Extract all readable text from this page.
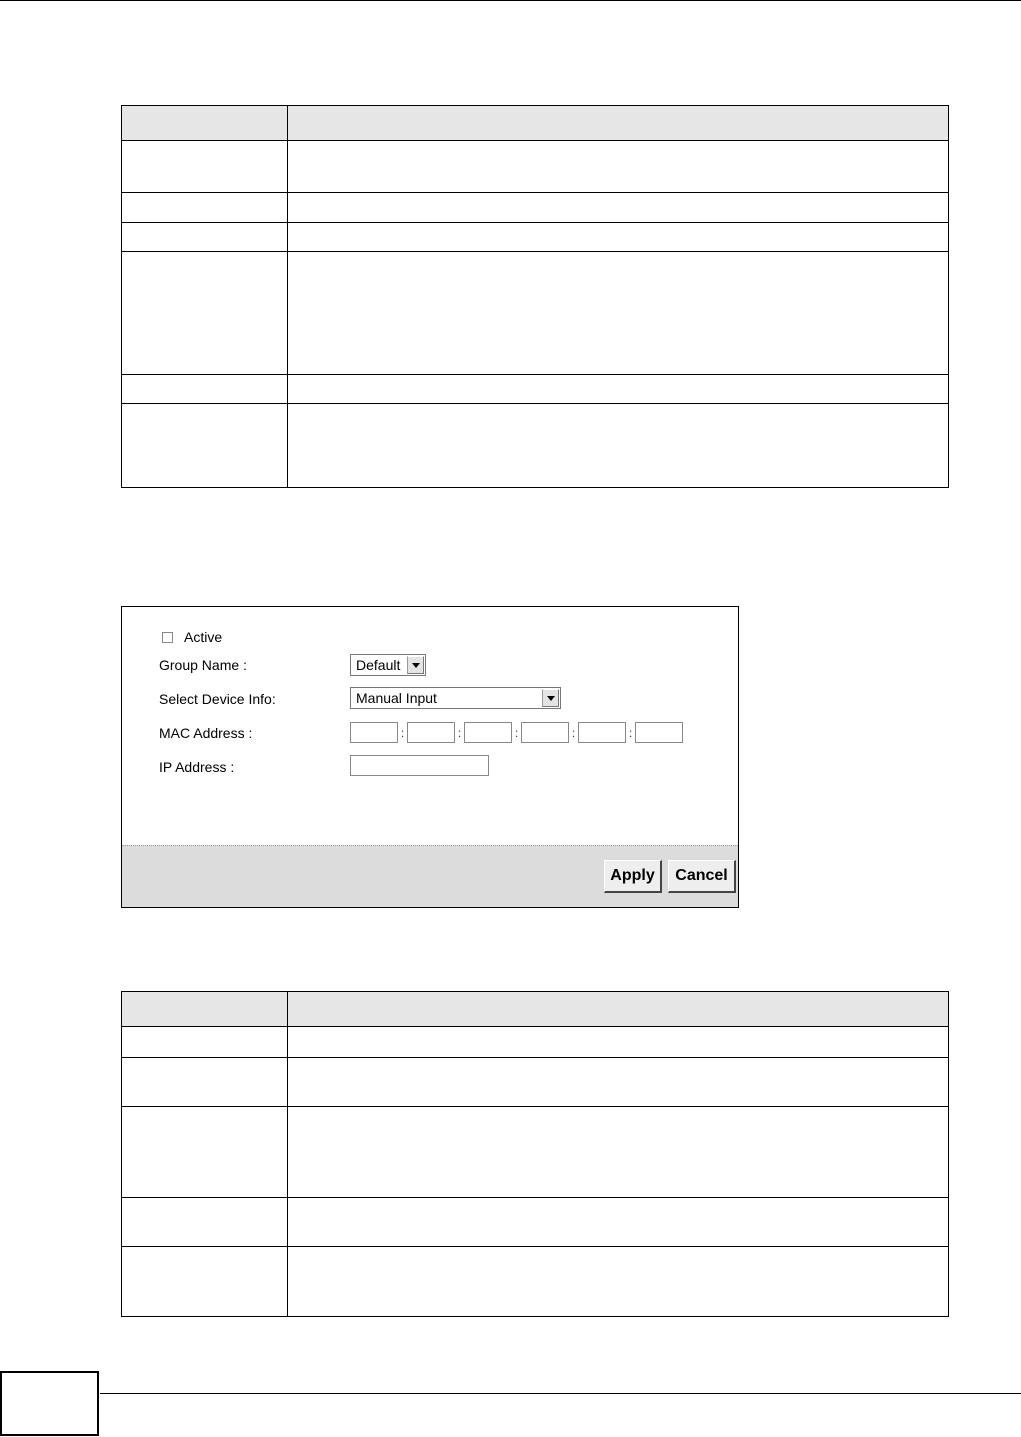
Active
Group Name :	Default
Select Device Info:	Manual Input
MAC Address :	:	:	:	:	:
IP Address :
Apply	Cancel
